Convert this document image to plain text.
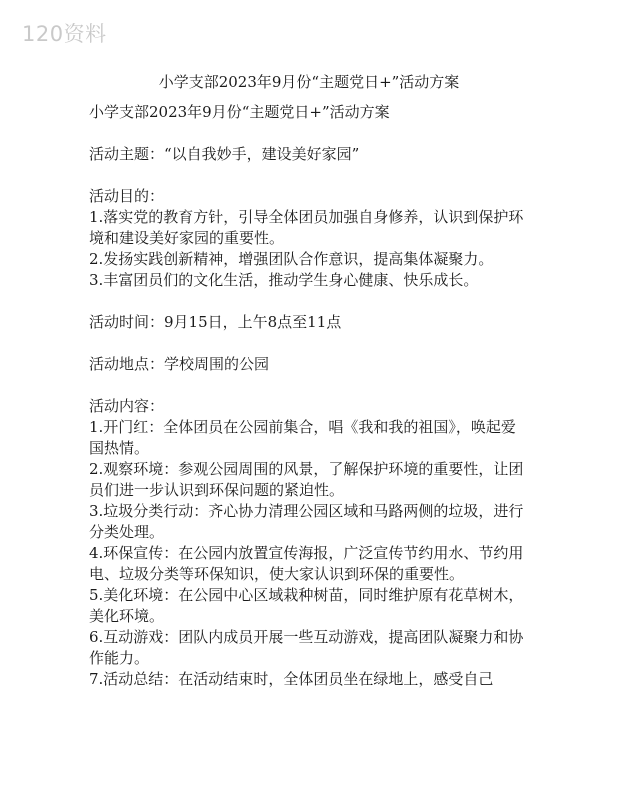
120资料
小学支部2023年9月份“主题党日+”活动方案

小学支部2023年9月份“主题党日+”活动方案

活动主题：“以自我妙手，建设美好家园”

活动目的：

1.落实党的教育方针，引导全体团员加强自身修养，认识到保护环境和建设美好家园的重要性。

2.发扬实践创新精神，增强团队合作意识，提高集体凝聚力。

3.丰富团员们的文化生活，推动学生身心健康、快乐成长。

活动时间：9月15日，上午8点至11点

活动地点：学校周围的公园

活动内容：

1.开门红：全体团员在公园前集合，唱《我和我的祖国》，唤起爱国热情。

2.观察环境：参观公园周围的风景，了解保护环境的重要性，让团员们进一步认识到环保问题的紧迫性。

3.垃圾分类行动：齐心协力清理公园区域和马路两侧的垃圾，进行分类处理。

4.环保宣传：在公园内放置宣传海报，广泛宣传节约用水、节约用电、垃圾分类等环保知识，使大家认识到环保的重要性。

5.美化环境：在公园中心区域栽种树苗，同时维护原有花草树木，美化环境。

6.互动游戏：团队内成员开展一些互动游戏，提高团队凝聚力和协作能力。

7.活动总结：在活动结束时，全体团员坐在绿地上，感受自己
